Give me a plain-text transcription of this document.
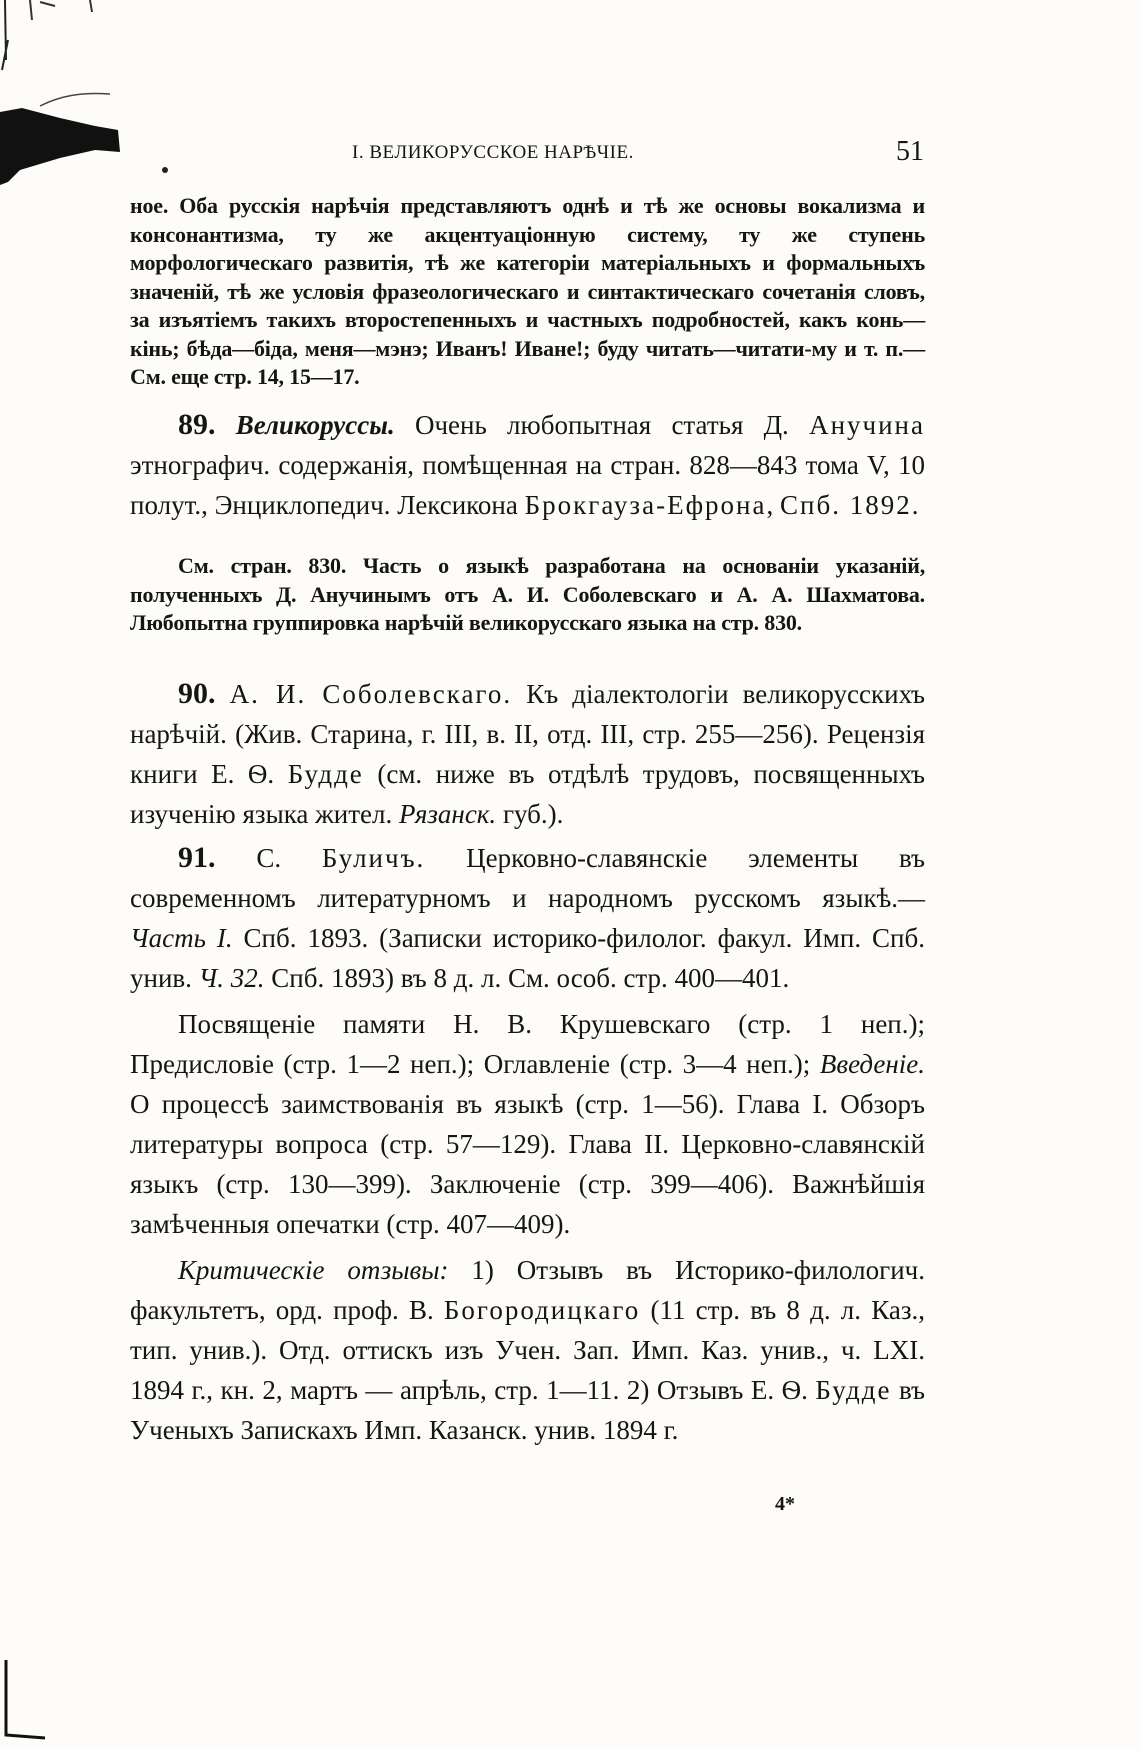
I. ВЕЛИКОРУССКОЕ НАРѢЧІЕ.	51

ное. Оба русскія нарѣчія представляютъ однѣ и тѣ же основы вокализма и консонантизма, ту же акцентуаціонную систему, ту же ступень морфологическаго развитія, тѣ же категоріи матеріальныхъ и формальныхъ значеній, тѣ же условія фразеологическаго и синтактическаго сочетанія словъ, за изъятіемъ такихъ второстепенныхъ и частныхъ подробностей, какъ конь—кінь; бѣда—біда, меня—мэнэ; Иванъ! Иване!; буду читать—читати-му и т. п.—См. еще стр. 14, 15—17.

89. Великоруссы. Очень любопытная статья Д. Анучина этнографич. содержанія, помѣщенная на стран. 828—843 тома V, 10 полут., Энциклопедич. Лексикона Брокгауза-Ефрона, Спб. 1892.

См. стран. 830. Часть о языкѣ разработана на основаніи указаній, полученныхъ Д. Анучинымъ отъ А. И. Соболевскаго и А. А. Шахматова. Любопытна группировка нарѣчій великорусскаго языка на стр. 830.

90. А. И. Соболевскаго. Къ діалектологіи великорусскихъ нарѣчій. (Жив. Старина, г. III, в. II, отд. III, стр. 255—256). Рецензія книги Е. Ѳ. Будде (см. ниже въ отдѣлѣ трудовъ, посвященныхъ изученію языка жител. Рязанск. губ.).

91. С. Буличъ. Церковно-славянскіе элементы въ современномъ литературномъ и народномъ русскомъ языкѣ.—Часть I. Спб. 1893. (Записки историко-филолог. факул. Имп. Спб. унив. Ч. 32. Спб. 1893) въ 8 д. л. См. особ. стр. 400—401.

Посвященіе памяти Н. В. Крушевскаго (стр. 1 неп.); Предисловіе (стр. 1—2 неп.); Оглавленіе (стр. 3—4 неп.); Введеніе. О процессѣ заимствованія въ языкѣ (стр. 1—56). Глава I. Обзоръ литературы вопроса (стр. 57—129). Глава II. Церковно-славянскій языкъ (стр. 130—399). Заключеніе (стр. 399—406). Важнѣйшія замѣченныя опечатки (стр. 407—409).

Критическіе отзывы: 1) Отзывъ въ Историко-филологич. факультетъ, орд. проф. В. Богородицкаго (11 стр. въ 8 д. л. Каз., тип. унив.). Отд. оттискъ изъ Учен. Зап. Имп. Каз. унив., ч. LXI. 1894 г., кн. 2, мартъ — апрѣль, стр. 1—11. 2) Отзывъ Е. Ѳ. Будде въ Ученыхъ Запискахъ Имп. Казанск. унив. 1894 г.

4*
